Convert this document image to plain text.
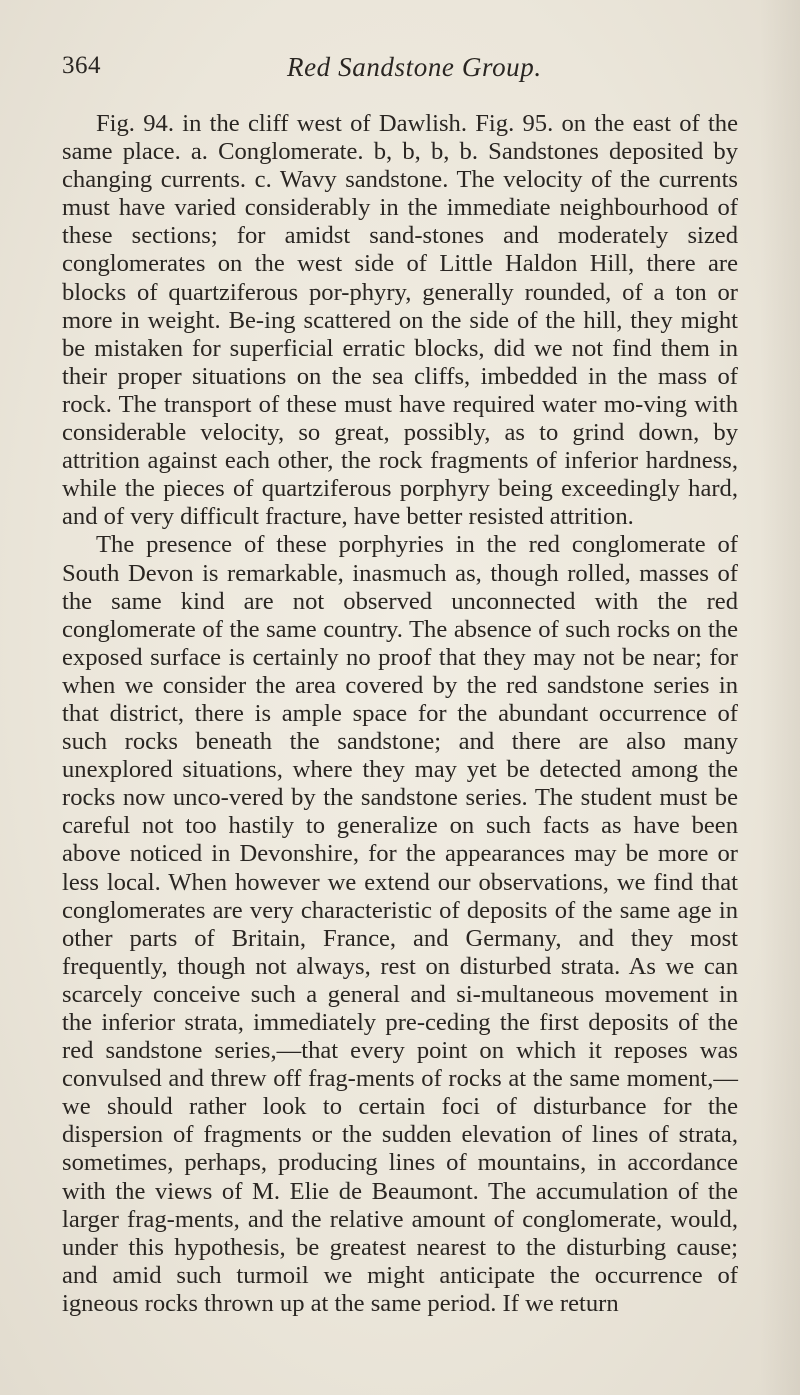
364	Red Sandstone Group.

Fig. 94. in the cliff west of Dawlish. Fig. 95. on the east of the same place. a. Conglomerate. b, b, b, b. Sandstones deposited by changing currents. c. Wavy sandstone. The velocity of the currents must have varied considerably in the immediate neighbourhood of these sections; for amidst sand-stones and moderately sized conglomerates on the west side of Little Haldon Hill, there are blocks of quartziferous por-phyry, generally rounded, of a ton or more in weight. Be-ing scattered on the side of the hill, they might be mistaken for superficial erratic blocks, did we not find them in their proper situations on the sea cliffs, imbedded in the mass of rock. The transport of these must have required water mo-ving with considerable velocity, so great, possibly, as to grind down, by attrition against each other, the rock fragments of inferior hardness, while the pieces of quartziferous porphyry being exceedingly hard, and of very difficult fracture, have better resisted attrition.

The presence of these porphyries in the red conglomerate of South Devon is remarkable, inasmuch as, though rolled, masses of the same kind are not observed unconnected with the red conglomerate of the same country. The absence of such rocks on the exposed surface is certainly no proof that they may not be near; for when we consider the area covered by the red sandstone series in that district, there is ample space for the abundant occurrence of such rocks beneath the sandstone; and there are also many unexplored situations, where they may yet be detected among the rocks now unco-vered by the sandstone series. The student must be careful not too hastily to generalize on such facts as have been above noticed in Devonshire, for the appearances may be more or less local. When however we extend our observations, we find that conglomerates are very characteristic of deposits of the same age in other parts of Britain, France, and Germany, and they most frequently, though not always, rest on disturbed strata. As we can scarcely conceive such a general and si-multaneous movement in the inferior strata, immediately pre-ceding the first deposits of the red sandstone series,—that every point on which it reposes was convulsed and threw off frag-ments of rocks at the same moment,—we should rather look to certain foci of disturbance for the dispersion of fragments or the sudden elevation of lines of strata, sometimes, perhaps, producing lines of mountains, in accordance with the views of M. Elie de Beaumont. The accumulation of the larger frag-ments, and the relative amount of conglomerate, would, under this hypothesis, be greatest nearest to the disturbing cause; and amid such turmoil we might anticipate the occurrence of igneous rocks thrown up at the same period. If we return
